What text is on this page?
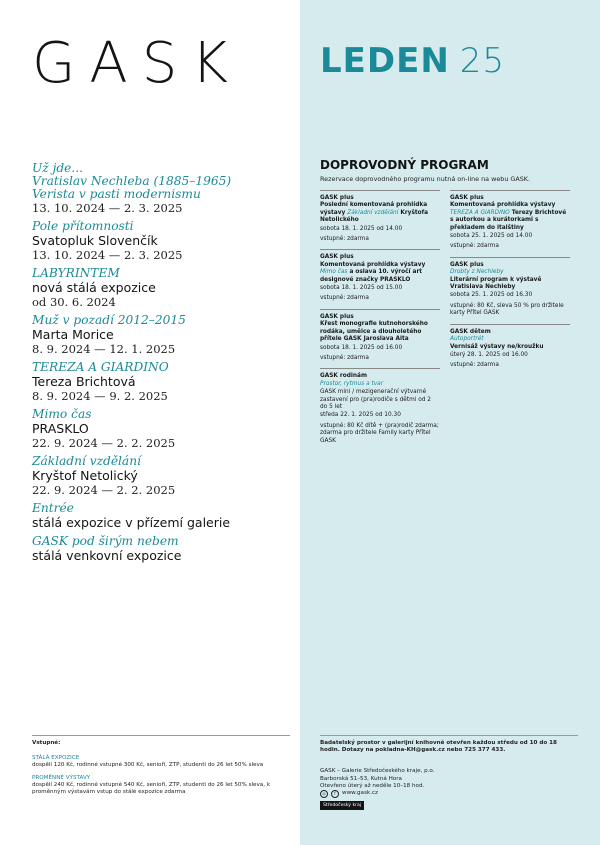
GASK
Už jde...
Vratislav Nechleba (1885–1965)
Verista v pasti modernismu
13. 10. 2024 — 2. 3. 2025
Pole přítomnosti
Svatopluk Slovenčík
13. 10. 2024 — 2. 3. 2025
LABYRINTEM
nová stálá expozice
od 30. 6. 2024
Muž v pozadí 2012–2015
Marta Morice
8. 9. 2024 — 12. 1. 2025
TEREZA A GIARDINO
Tereza Brichtová
8. 9. 2024 — 9. 2. 2025
Mimo čas
PRASKLO
22. 9. 2024 — 2. 2. 2025
Základní vzdělání
Kryštof Netolický
22. 9. 2024 — 2. 2. 2025
Entrée
stálá expozice v přízemí galerie
GASK pod širým nebem
stálá venkovní expozice
Vstupné:
STÁLÁ EXPOZICE
dospělí 120 Kč, rodinné vstupné 300 Kč, senioři, ZTP, studenti do 26 let 50% sleva
PROMĚNNÉ VÝSTAVY
dospělí 240 Kč, rodinné vstupné 540 Kč, senioři, ZTP, studenti do 26 let 50% sleva, k proměnným výstavám vstup do stálé expozice zdarma
LEDEN 25
DOPROVODNÝ PROGRAM
Rezervace doprovodného programu nutná on-line na webu GASK.
GASK plus
Poslední komentovaná prohlídka výstavy Základní vzdělání Kryštofa Netolického
sobota 18. 1. 2025 od 14.00
vstupné: zdarma
GASK plus
Komentovaná prohlídka výstavy Mimo čas a oslava 10. výročí art designové značky PRASKLO
sobota 18. 1. 2025 od 15.00
vstupné: zdarma
GASK plus
Křest monografie kutnohorského rodáka, umělce a dlouholetého přítele GASK Jaroslava Alta
sobota 18. 1. 2025 od 16.00
vstupné: zdarma
GASK rodinám
Prostor, rytmus a tvar
GASK mini / mezigenerační výtvarné zastavení pro (pra)rodiče s dětmi od 2 do 5 let
středa 22. 1. 2025 od 10.30
vstupné: 80 Kč dítě + (pra)rodič zdarma; zdarma pro držitele Family karty Přítel GASK
GASK plus
Komentovaná prohlídka výstavy TEREZA A GIARDINO Terezy Brichtové s autorkou a kurátorkami s překladem do italštiny
sobota 25. 1. 2025 od 14.00
vstupné: zdarma
GASK plus
Drobty z Nechleby
Literární program k výstavě Vratislava Nechleby
sobota 25. 1. 2025 od 16.30
vstupné: 80 Kč, sleva 50 % pro držitele karty Přítel GASK
GASK dětem
Autoportrét
Vernisáž výstavy ne/kroužku
úterý 28. 1. 2025 od 16.00
vstupné: zdarma
Badatelský prostor v galerijní knihovně otevřen každou středu od 10 do 18 hodin. Dotazy na pokladna-KH@gask.cz nebo 725 377 433.
GASK – Galerie Středočeského kraje, p.o.
Barborská 51–53, Kutná Hora
Otevřeno úterý až neděle 10–18 hod.
◎	f	www.gask.cz
Středočeský kraj
